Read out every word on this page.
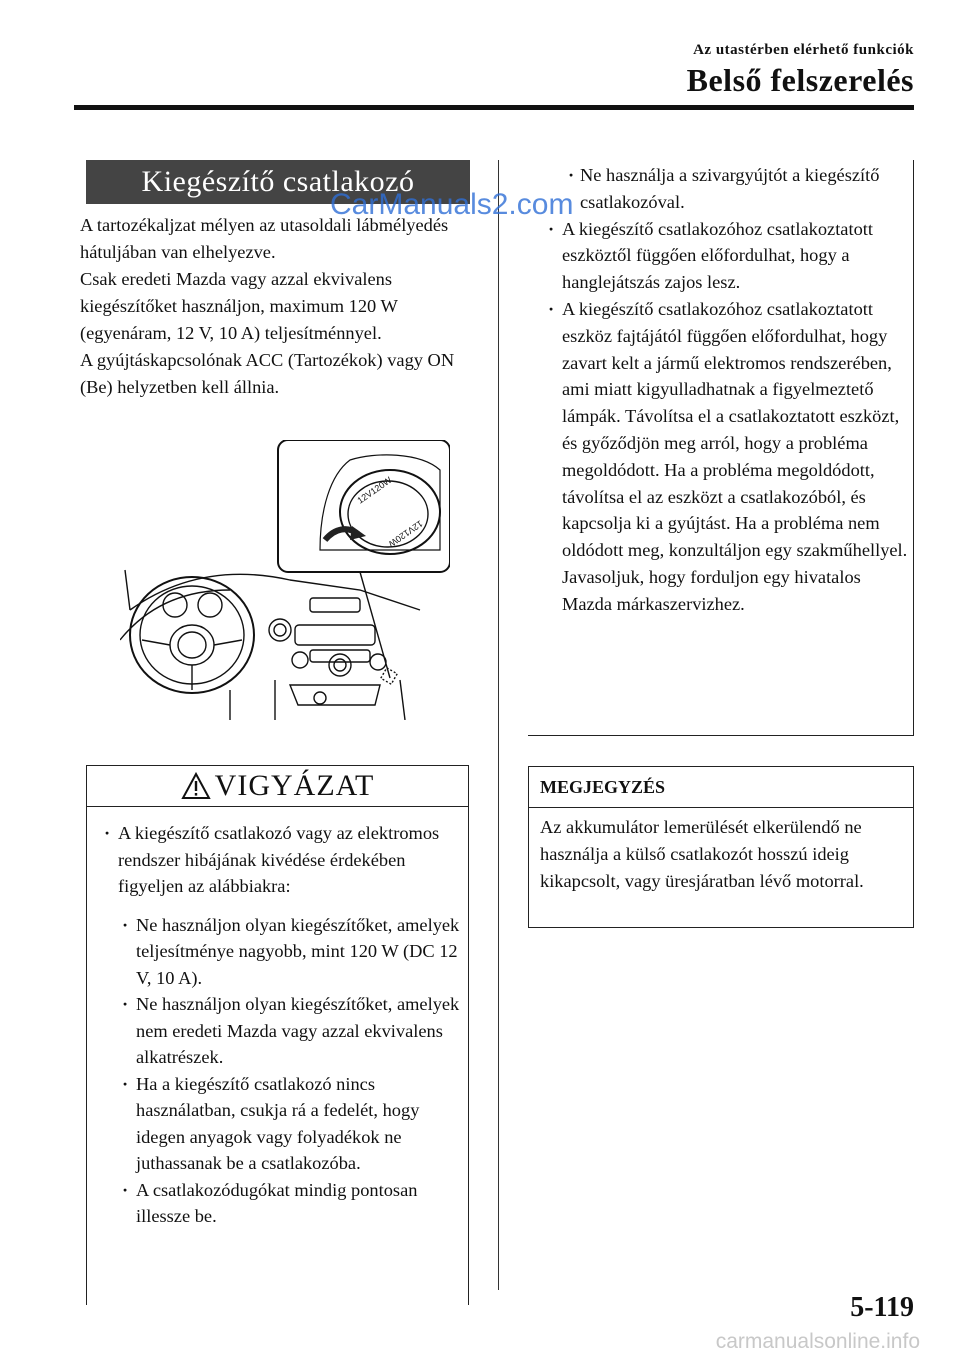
Az utastérben elérhető funkciók
Belső felszerelés
Kiegészítő csatlakozó

A tartozékaljzat mélyen az utasoldali lábmélyedés hátuljában van elhelyezve.

Csak eredeti Mazda vagy azzal ekvivalens kiegészítőket használjon, maximum 120 W (egyenáram, 12 V, 10 A) teljesítménnyel.

A gyújtáskapcsolónak ACC (Tartozékok) vagy ON (Be) helyzetben kell állnia.

12V120W
12V120W
VIGYÁZAT
· A kiegészítő csatlakozó vagy az elektromos rendszer hibájának kivédése érdekében figyeljen az alábbiakra:
· Ne használjon olyan kiegészítőket, amelyek teljesítménye nagyobb, mint 120 W (DC 12 V, 10 A).
· Ne használjon olyan kiegészítőket, amelyek nem eredeti Mazda vagy azzal ekvivalens alkatrészek.
· Ha a kiegészítő csatlakozó nincs használatban, csukja rá a fedelét, hogy idegen anyagok vagy folyadékok ne juthassanak be a csatlakozóba.
· A csatlakozódugókat mindig pontosan illessze be.
· Ne használja a szivargyújtót a kiegészítő csatlakozóval.
· A kiegészítő csatlakozóhoz csatlakoztatott eszköztől függően előfordulhat, hogy a hanglejátszás zajos lesz.
· A kiegészítő csatlakozóhoz csatlakoztatott eszköz fajtájától függően előfordulhat, hogy zavart kelt a jármű elektromos rendszerében, ami miatt kigyulladhatnak a figyelmeztető lámpák. Távolítsa el a csatlakoztatott eszközt, és győződjön meg arról, hogy a probléma megoldódott. Ha a probléma megoldódott, távolítsa el az eszközt a csatlakozóból, és kapcsolja ki a gyújtást. Ha a probléma nem oldódott meg, konzultáljon egy szakműhellyel. Javasoljuk, hogy forduljon egy hivatalos Mazda márkaszervizhez.
MEGJEGYZÉS
Az akkumulátor lemerülését elkerülendő ne használja a külső csatlakozót hosszú ideig kikapcsolt, vagy üresjáratban lévő motorral.
CarManuals2.com
5-119
carmanualsonline.info
